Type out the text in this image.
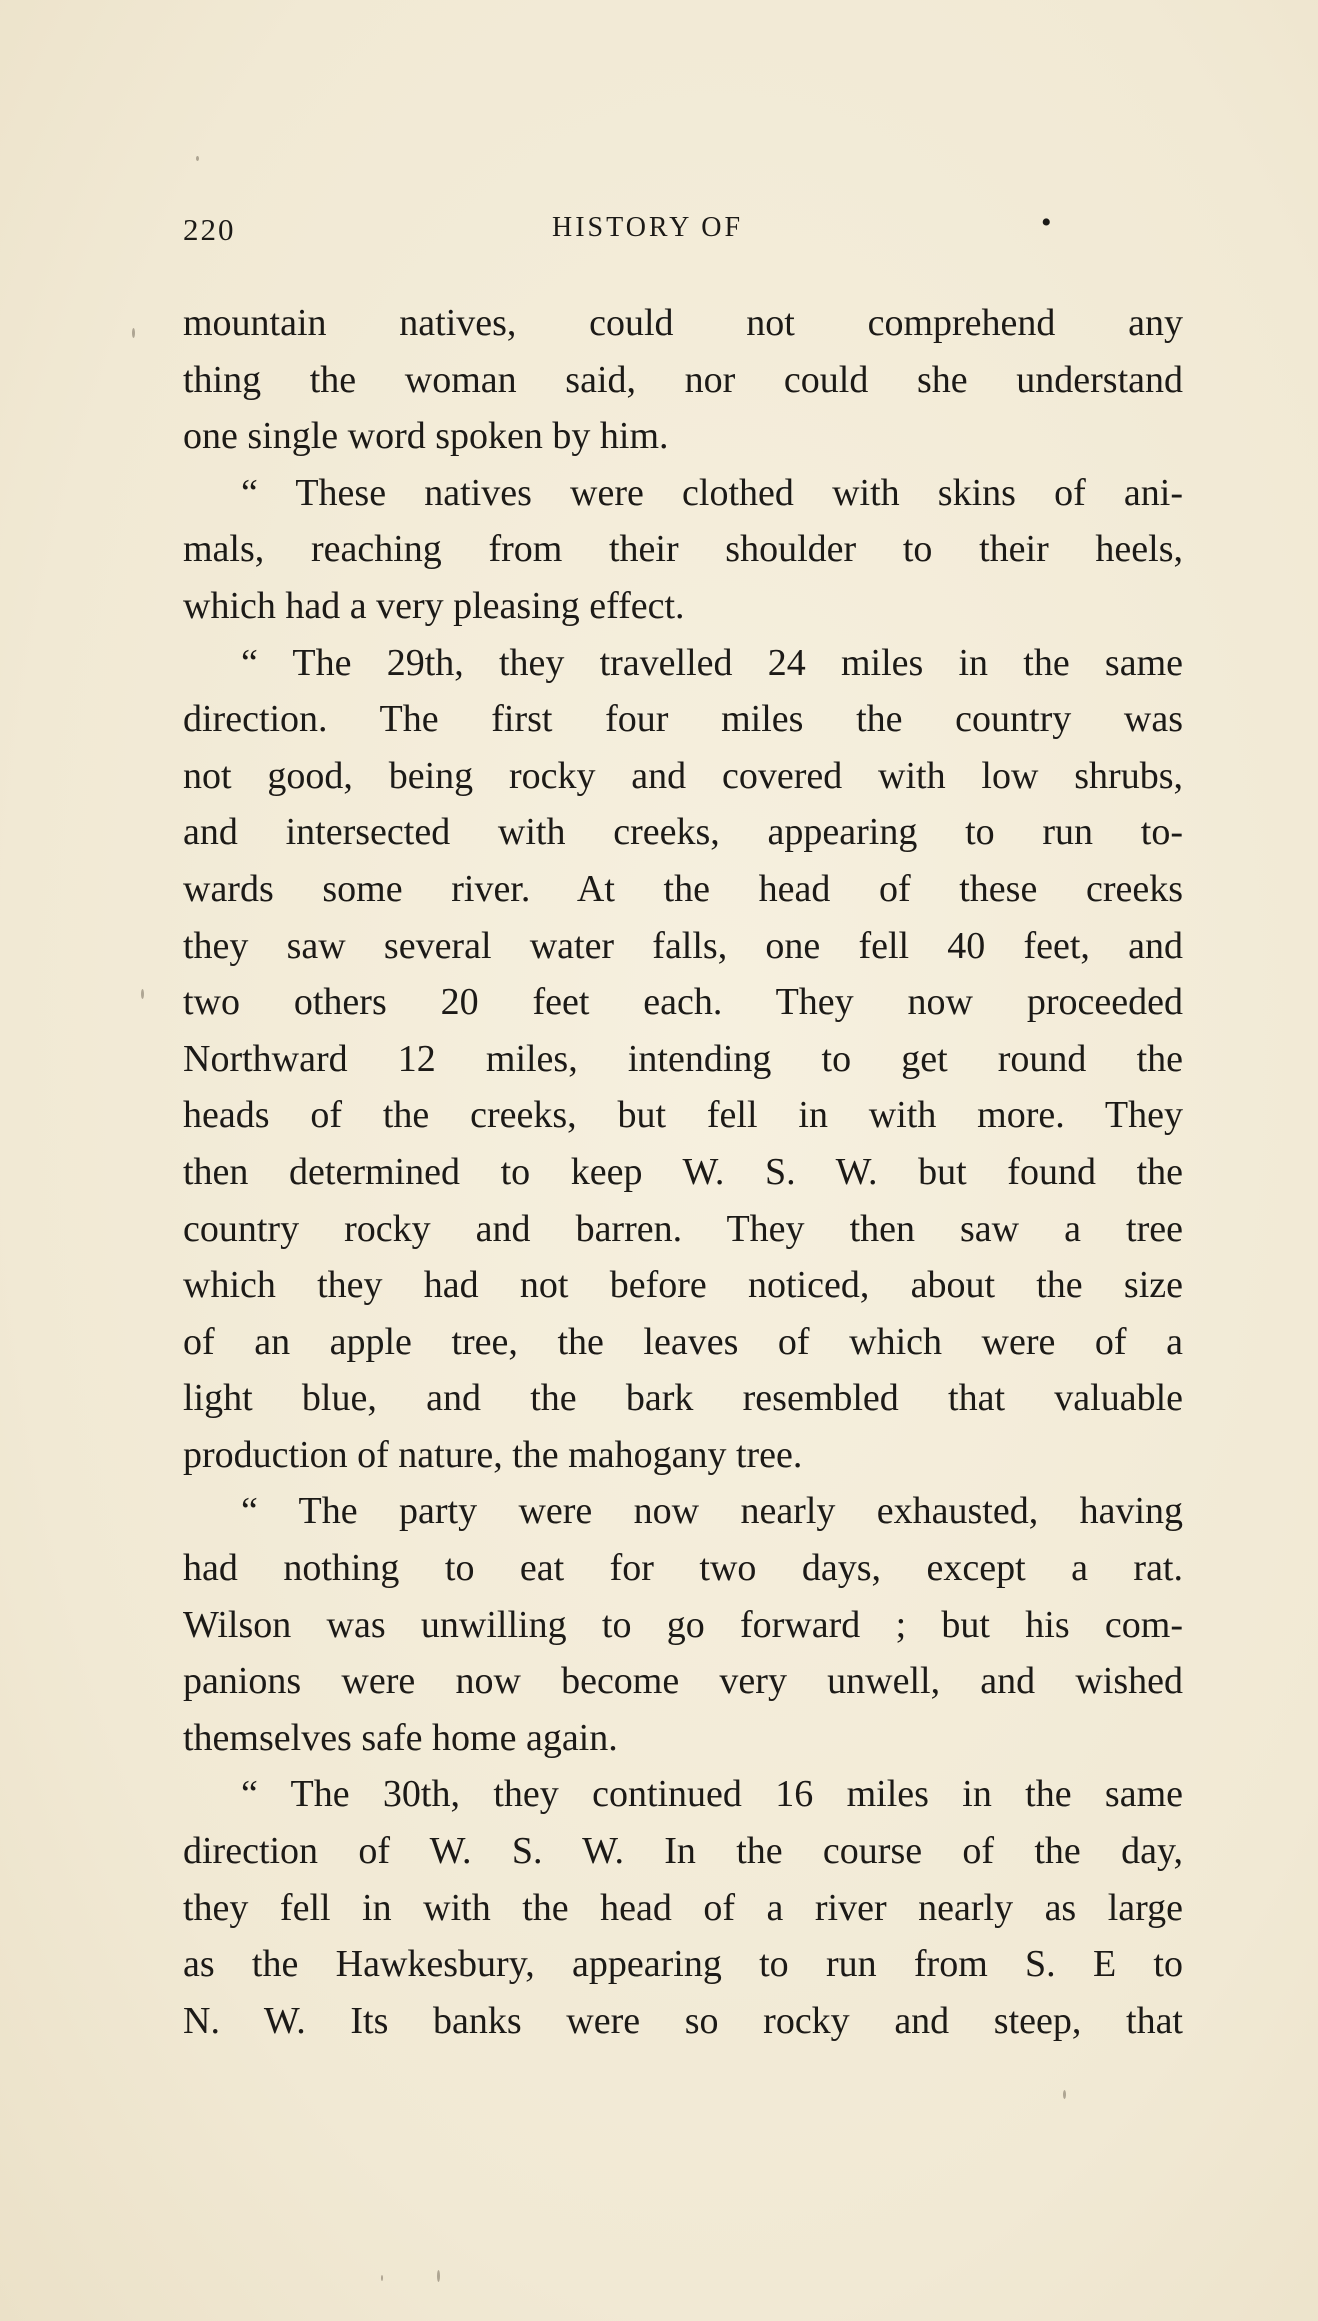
220	HISTORY OF	•
mountain natives, could not comprehend any
thing the woman said, nor could she understand
one single word spoken by him.
“ These natives were clothed with skins of ani-
mals, reaching from their shoulder to their heels,
which had a very pleasing effect.
“ The 29th, they travelled 24 miles in the same
direction. The first four miles the country was
not good, being rocky and covered with low shrubs,
and intersected with creeks, appearing to run to-
wards some river. At the head of these creeks
they saw several water falls, one fell 40 feet, and
two others 20 feet each. They now proceeded
Northward 12 miles, intending to get round the
heads of the creeks, but fell in with more. They
then determined to keep W. S. W. but found the
country rocky and barren. They then saw a tree
which they had not before noticed, about the size
of an apple tree, the leaves of which were of a
light blue, and the bark resembled that valuable
production of nature, the mahogany tree.
“ The party were now nearly exhausted, having
had nothing to eat for two days, except a rat.
Wilson was unwilling to go forward ; but his com-
panions were now become very unwell, and wished
themselves safe home again.
“ The 30th, they continued 16 miles in the same
direction of W. S. W. In the course of the day,
they fell in with the head of a river nearly as large
as the Hawkesbury, appearing to run from S. E to
N. W. Its banks were so rocky and steep, that
